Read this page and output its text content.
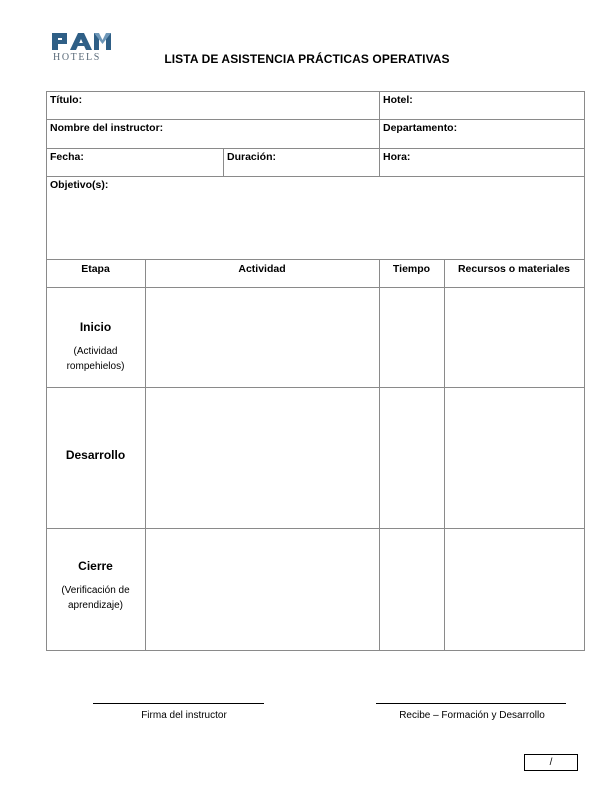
HOTELS	LISTA DE ASISTENCIA PRÁCTICAS OPERATIVAS
Título:	Hotel:
Nombre del instructor:	Departamento:
Fecha:	Duración:	Hora:
Objetivo(s):
Etapa	Actividad	Tiempo	Recursos o materiales
Inicio
(Actividad
rompehielos)
Desarrollo
Cierre
(Verificación de
aprendizaje)
Firma del instructor	Recibe – Formación y Desarrollo
/
